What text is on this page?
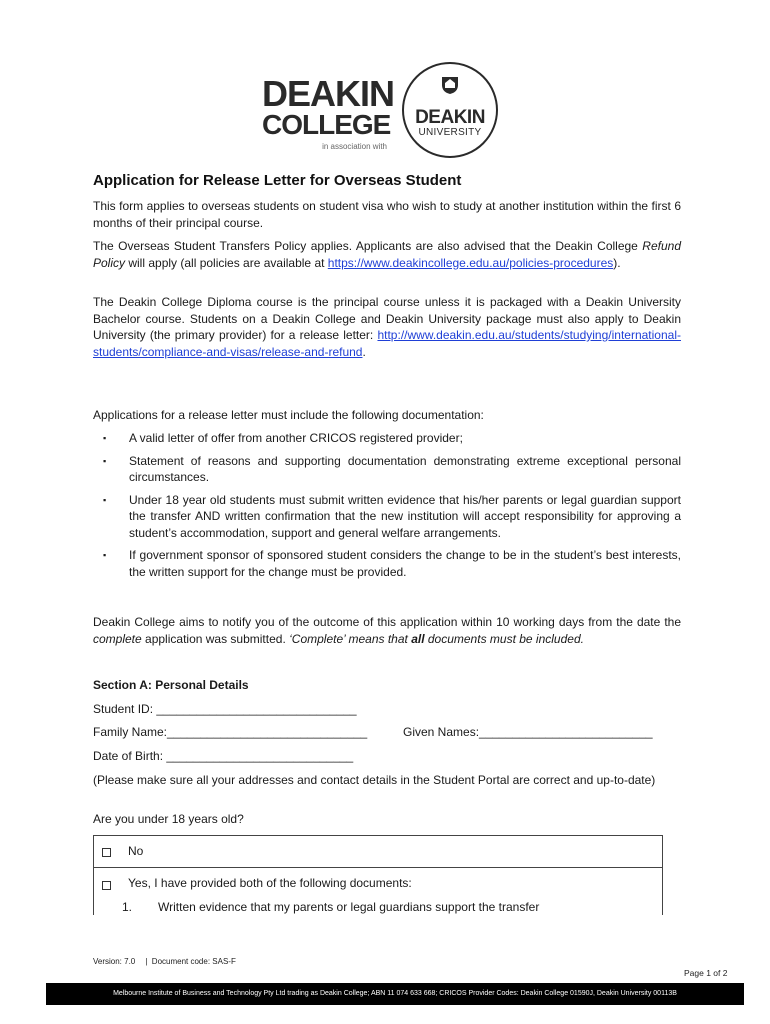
DEAKIN
COLLEGE
in association with
DEAKIN
UNIVERSITY
Application for Release Letter for Overseas Student
This form applies to overseas students on student visa who wish to study at another institution within the first 6 months of their principal course.
The Overseas Student Transfers Policy applies. Applicants are also advised that the Deakin College Refund Policy will apply (all policies are available at https://www.deakincollege.edu.au/policies-procedures).
The Deakin College Diploma course is the principal course unless it is packaged with a Deakin University Bachelor course. Students on a Deakin College and Deakin University package must also apply to Deakin University (the primary provider) for a release letter: http://www.deakin.edu.au/students/studying/international-students/compliance-and-visas/release-and-refund.
Applications for a release letter must include the following documentation:
▪ A valid letter of offer from another CRICOS registered provider;
▪ Statement of reasons and supporting documentation demonstrating extreme exceptional personal circumstances.
▪ Under 18 year old students must submit written evidence that his/her parents or legal guardian support the transfer AND written confirmation that the new institution will accept responsibility for approving a student’s accommodation, support and general welfare arrangements.
▪ If government sponsor of sponsored student considers the change to be in the student’s best interests, the written support for the change must be provided.
Deakin College aims to notify you of the outcome of this application within 10 working days from the date the complete application was submitted. ‘Complete’ means that all documents must be included.
Section A: Personal Details
Student ID: ______________________________
Family Name:______________________________	Given Names:__________________________
Date of Birth: ____________________________
(Please make sure all your addresses and contact details in the Student Portal are correct and up-to-date)
Are you under 18 years old?
No
Yes, I have provided both of the following documents:
1. Written evidence that my parents or legal guardians support the transfer
Version: 7.0 | Document code: SAS-F
Page 1 of 2
Melbourne Institute of Business and Technology Pty Ltd trading as Deakin College; ABN 11 074 633 668; CRICOS Provider Codes: Deakin College 01590J, Deakin University 00113B
